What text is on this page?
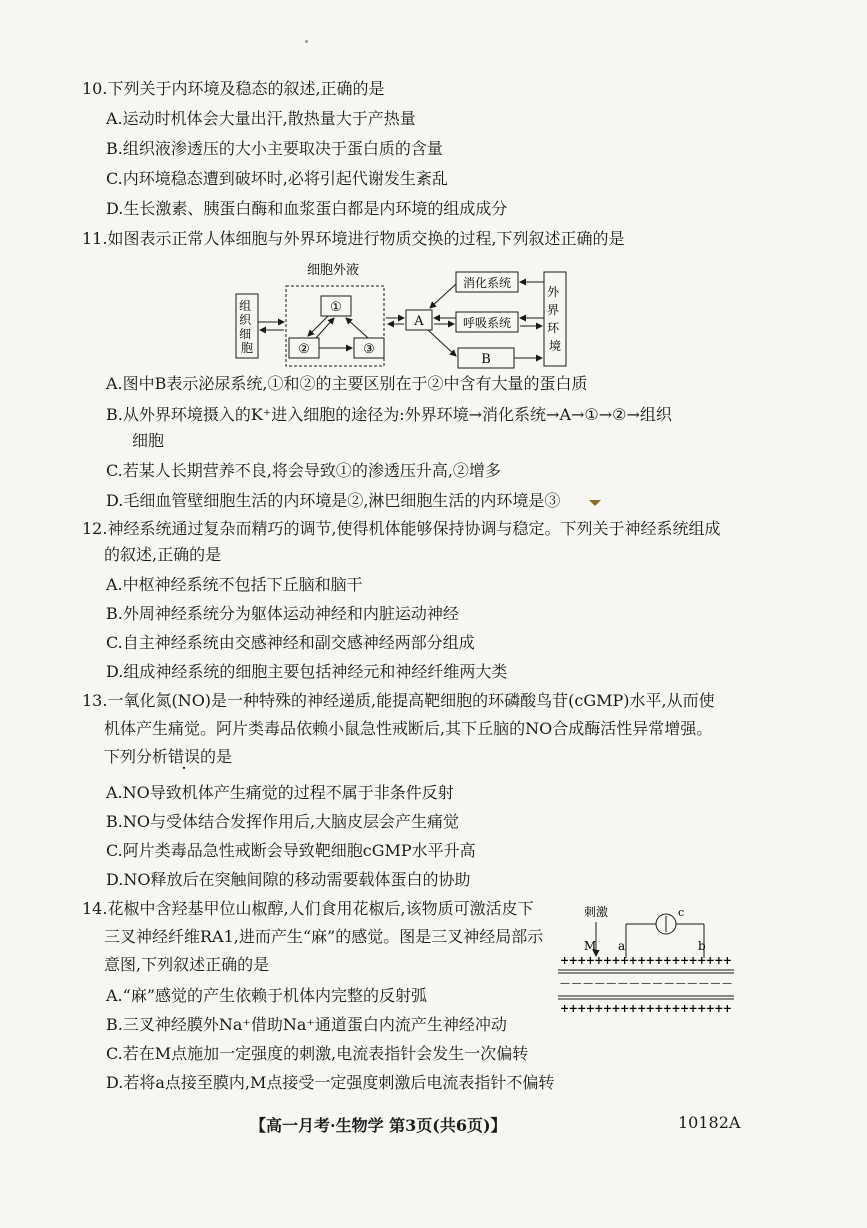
10.下列关于内环境及稳态的叙述,正确的是
A.运动时机体会大量出汗,散热量大于产热量
B.组织液渗透压的大小主要取决于蛋白质的含量
C.内环境稳态遭到破坏时,必将引起代谢发生紊乱
D.生长激素、胰蛋白酶和血浆蛋白都是内环境的组成成分
11.如图表示正常人体细胞与外界环境进行物质交换的过程,下列叙述正确的是
细胞外液
组 织 细 胞
①
②	③
A
消化系统
呼吸系统
B
外 界 环 境
A.图中B表示泌尿系统,①和②的主要区别在于②中含有大量的蛋白质
B.从外界环境摄入的K⁺进入细胞的途径为:外界环境→消化系统→A→①→②→组织
细胞
C.若某人长期营养不良,将会导致①的渗透压升高,②增多
D.毛细血管壁细胞生活的内环境是②,淋巴细胞生活的内环境是③
12.神经系统通过复杂而精巧的调节,使得机体能够保持协调与稳定。下列关于神经系统组成
的叙述,正确的是
A.中枢神经系统不包括下丘脑和脑干
B.外周神经系统分为躯体运动神经和内脏运动神经
C.自主神经系统由交感神经和副交感神经两部分组成
D.组成神经系统的细胞主要包括神经元和神经纤维两大类
13.一氧化氮(NO)是一种特殊的神经递质,能提高靶细胞的环磷酸鸟苷(cGMP)水平,从而使
机体产生痛觉。阿片类毒品依赖小鼠急性戒断后,其下丘脑的NO合成酶活性异常增强。
下列分析错误的是
A.NO导致机体产生痛觉的过程不属于非条件反射
B.NO与受体结合发挥作用后,大脑皮层会产生痛觉
C.阿片类毒品急性戒断会导致靶细胞cGMP水平升高
D.NO释放后在突触间隙的移动需要载体蛋白的协助
14.花椒中含羟基甲位山椒醇,人们食用花椒后,该物质可激活皮下
三叉神经纤维RA1,进而产生“麻”的感觉。图是三叉神经局部示
意图,下列叙述正确的是
A.“麻”感觉的产生依赖于机体内完整的反射弧
B.三叉神经膜外Na⁺借助Na⁺通道蛋白内流产生神经冲动
C.若在M点施加一定强度的刺激,电流表指针会发生一次偏转
D.若将a点接至膜内,M点接受一定强度刺激后电流表指针不偏转
刺激
M
c
a	b
+ + + + + + + + + + + + + + + + + + + +
— — — — — — — — — — — — — — —
+ + + + + + + + + + + + + + + + + + + +
【高一月考·生物学 第3页(共6页)】	10182A
